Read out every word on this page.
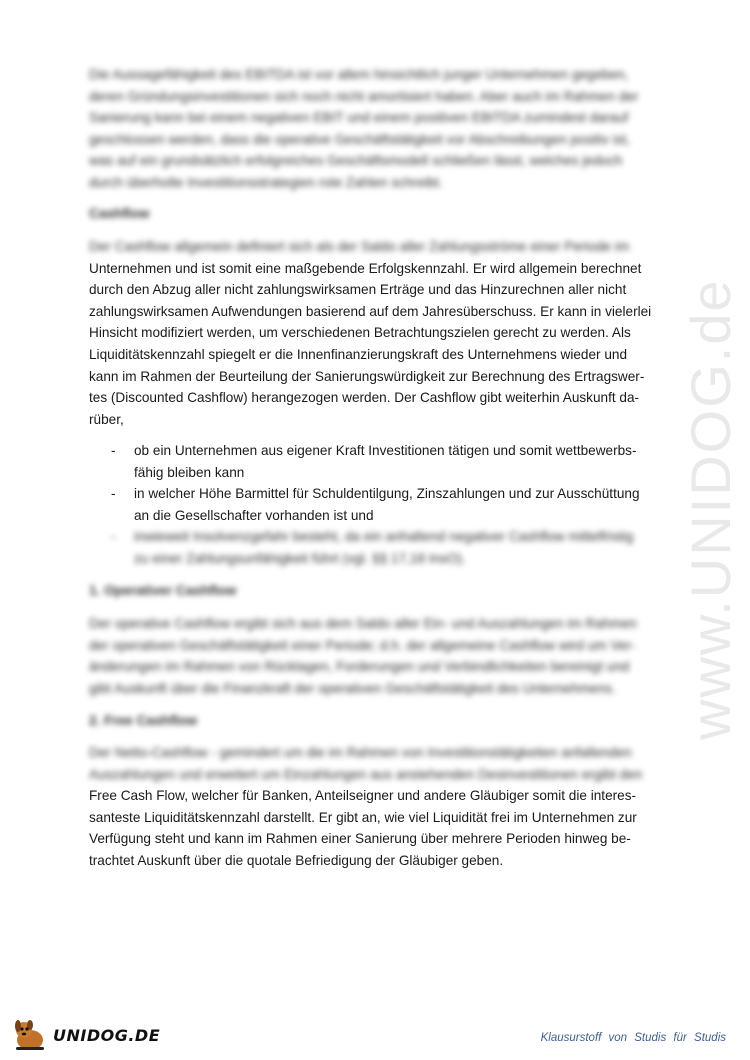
www.UNIDOG.de
Die Aussagefähigkeit des EBITDA ist vor allem hinsichtlich junger Unternehmen gegeben,
deren Gründungsinvestitionen sich noch nicht amortisiert haben. Aber auch im Rahmen der
Sanierung kann bei einem negativen EBIT und einem positiven EBITDA zumindest darauf
geschlossen werden, dass die operative Geschäftstätigkeit vor Abschreibungen positiv ist,
was auf ein grundsätzlich erfolgreiches Geschäftsmodell schließen lässt, welches jedoch
durch überholte Investitionsstrategien rote Zahlen schreibt.
Cashflow
Der Cashflow allgemein definiert sich als der Saldo aller Zahlungsströme einer Periode im
Unternehmen und ist somit eine maßgebende Erfolgskennzahl. Er wird allgemein berechnet
durch den Abzug aller nicht zahlungswirksamen Erträge und das Hinzurechnen aller nicht
zahlungswirksamen Aufwendungen basierend auf dem Jahresüberschuss. Er kann in vielerlei
Hinsicht modifiziert werden, um verschiedenen Betrachtungszielen gerecht zu werden. Als
Liquiditätskennzahl spiegelt er die Innenfinanzierungskraft des Unternehmens wieder und
kann im Rahmen der Beurteilung der Sanierungswürdigkeit zur Berechnung des Ertragswer-
tes (Discounted Cashflow) herangezogen werden. Der Cashflow gibt weiterhin Auskunft da-
rüber,
- ob ein Unternehmen aus eigener Kraft Investitionen tätigen und somit wettbewerbs-
fähig bleiben kann
- in welcher Höhe Barmittel für Schuldentilgung, Zinszahlungen und zur Ausschüttung
an die Gesellschafter vorhanden ist und
- inwieweit Insolvenzgefahr besteht, da ein anhaltend negativer Cashflow mittelfristig
zu einer Zahlungsunfähigkeit führt (vgl. §§ 17,18 InsO).
1. Operativer Cashflow
Der operative Cashflow ergibt sich aus dem Saldo aller Ein- und Auszahlungen im Rahmen
der operativen Geschäftstätigkeit einer Periode; d.h. der allgemeine Cashflow wird um Ver-
änderungen im Rahmen von Rücklagen, Forderungen und Verbindlichkeiten bereinigt und
gibt Auskunft über die Finanzkraft der operativen Geschäftstätigkeit des Unternehmens.
2. Free Cashflow
Der Netto-Cashflow - gemindert um die im Rahmen von Investitionstätigkeiten anfallenden
Auszahlungen und erweitert um Einzahlungen aus anstehenden Desinvestitionen ergibt den
Free Cash Flow, welcher für Banken, Anteilseigner und andere Gläubiger somit die interes-
santeste Liquiditätskennzahl darstellt. Er gibt an, wie viel Liquidität frei im Unternehmen zur
Verfügung steht und kann im Rahmen einer Sanierung über mehrere Perioden hinweg be-
trachtet Auskunft über die quotale Befriedigung der Gläubiger geben.
UNIDOG.DE	Klausurstoff von Studis für Studis
